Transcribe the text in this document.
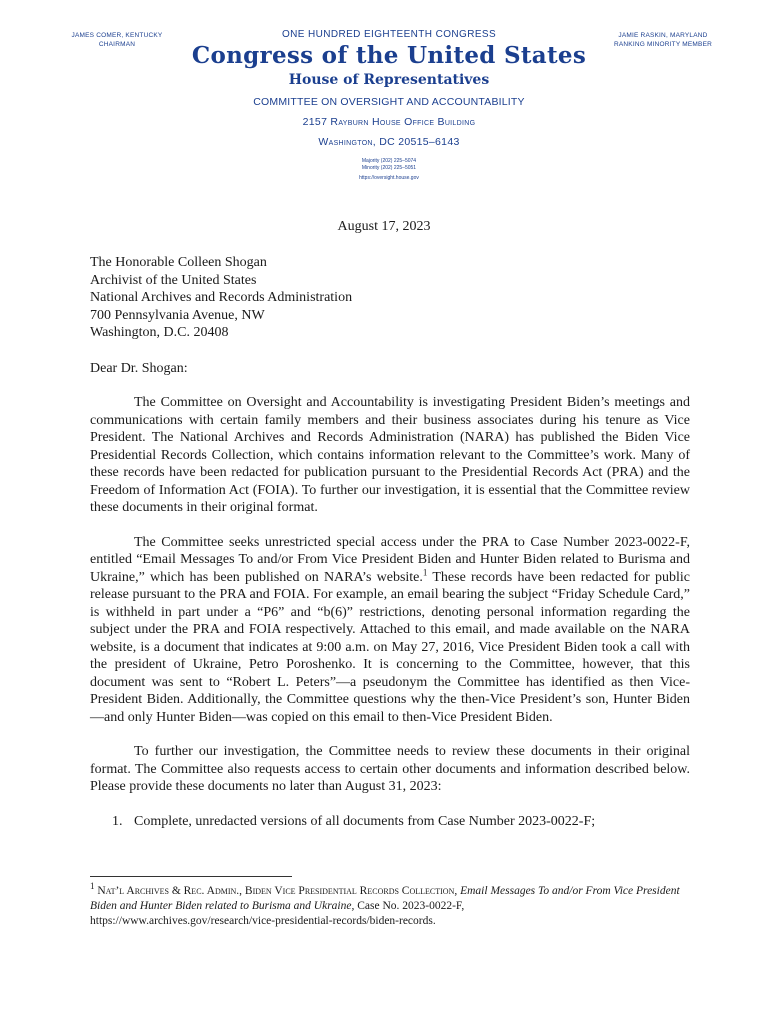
JAMES COMER, KENTUCKY
CHAIRMAN
ONE HUNDRED EIGHTEENTH CONGRESS
Congress of the United States
House of Representatives
COMMITTEE ON OVERSIGHT AND ACCOUNTABILITY
2157 Rayburn House Office Building
Washington, DC 20515–6143
Majority (202) 225–5074
Minority (202) 225–5051
https://oversight.house.gov
JAMIE RASKIN, MARYLAND
RANKING MINORITY MEMBER
August 17, 2023
The Honorable Colleen Shogan
Archivist of the United States
National Archives and Records Administration
700 Pennsylvania Avenue, NW
Washington, D.C. 20408
Dear Dr. Shogan:

The Committee on Oversight and Accountability is investigating President Biden’s meetings and communications with certain family members and their business associates during his tenure as Vice President. The National Archives and Records Administration (NARA) has published the Biden Vice Presidential Records Collection, which contains information relevant to the Committee’s work. Many of these records have been redacted for publication pursuant to the Presidential Records Act (PRA) and the Freedom of Information Act (FOIA). To further our investigation, it is essential that the Committee review these documents in their original format.

The Committee seeks unrestricted special access under the PRA to Case Number 2023-0022-F, entitled “Email Messages To and/or From Vice President Biden and Hunter Biden related to Burisma and Ukraine,” which has been published on NARA’s website.$^1$ These records have been redacted for public release pursuant to the PRA and FOIA. For example, an email bearing the subject “Friday Schedule Card,” is withheld in part under a “P6” and “b(6)” restrictions, denoting personal information regarding the subject under the PRA and FOIA respectively. Attached to this email, and made available on the NARA website, is a document that indicates at 9:00 a.m. on May 27, 2016, Vice President Biden took a call with the president of Ukraine, Petro Poroshenko. It is concerning to the Committee, however, that this document was sent to “Robert L. Peters”—a pseudonym the Committee has identified as then Vice-President Biden. Additionally, the Committee questions why the then-Vice President’s son, Hunter Biden—and only Hunter Biden—was copied on this email to then-Vice President Biden.

To further our investigation, the Committee needs to review these documents in their original format. The Committee also requests access to certain other documents and information described below. Please provide these documents no later than August 31, 2023:

1. Complete, unredacted versions of all documents from Case Number 2023-0022-F;
$^1$ Nat’l Archives & Rec. Admin., Biden Vice Presidential Records Collection, Email Messages To and/or From Vice President Biden and Hunter Biden related to Burisma and Ukraine, Case No. 2023-0022-F,
https://www.archives.gov/research/vice-presidential-records/biden-records.
